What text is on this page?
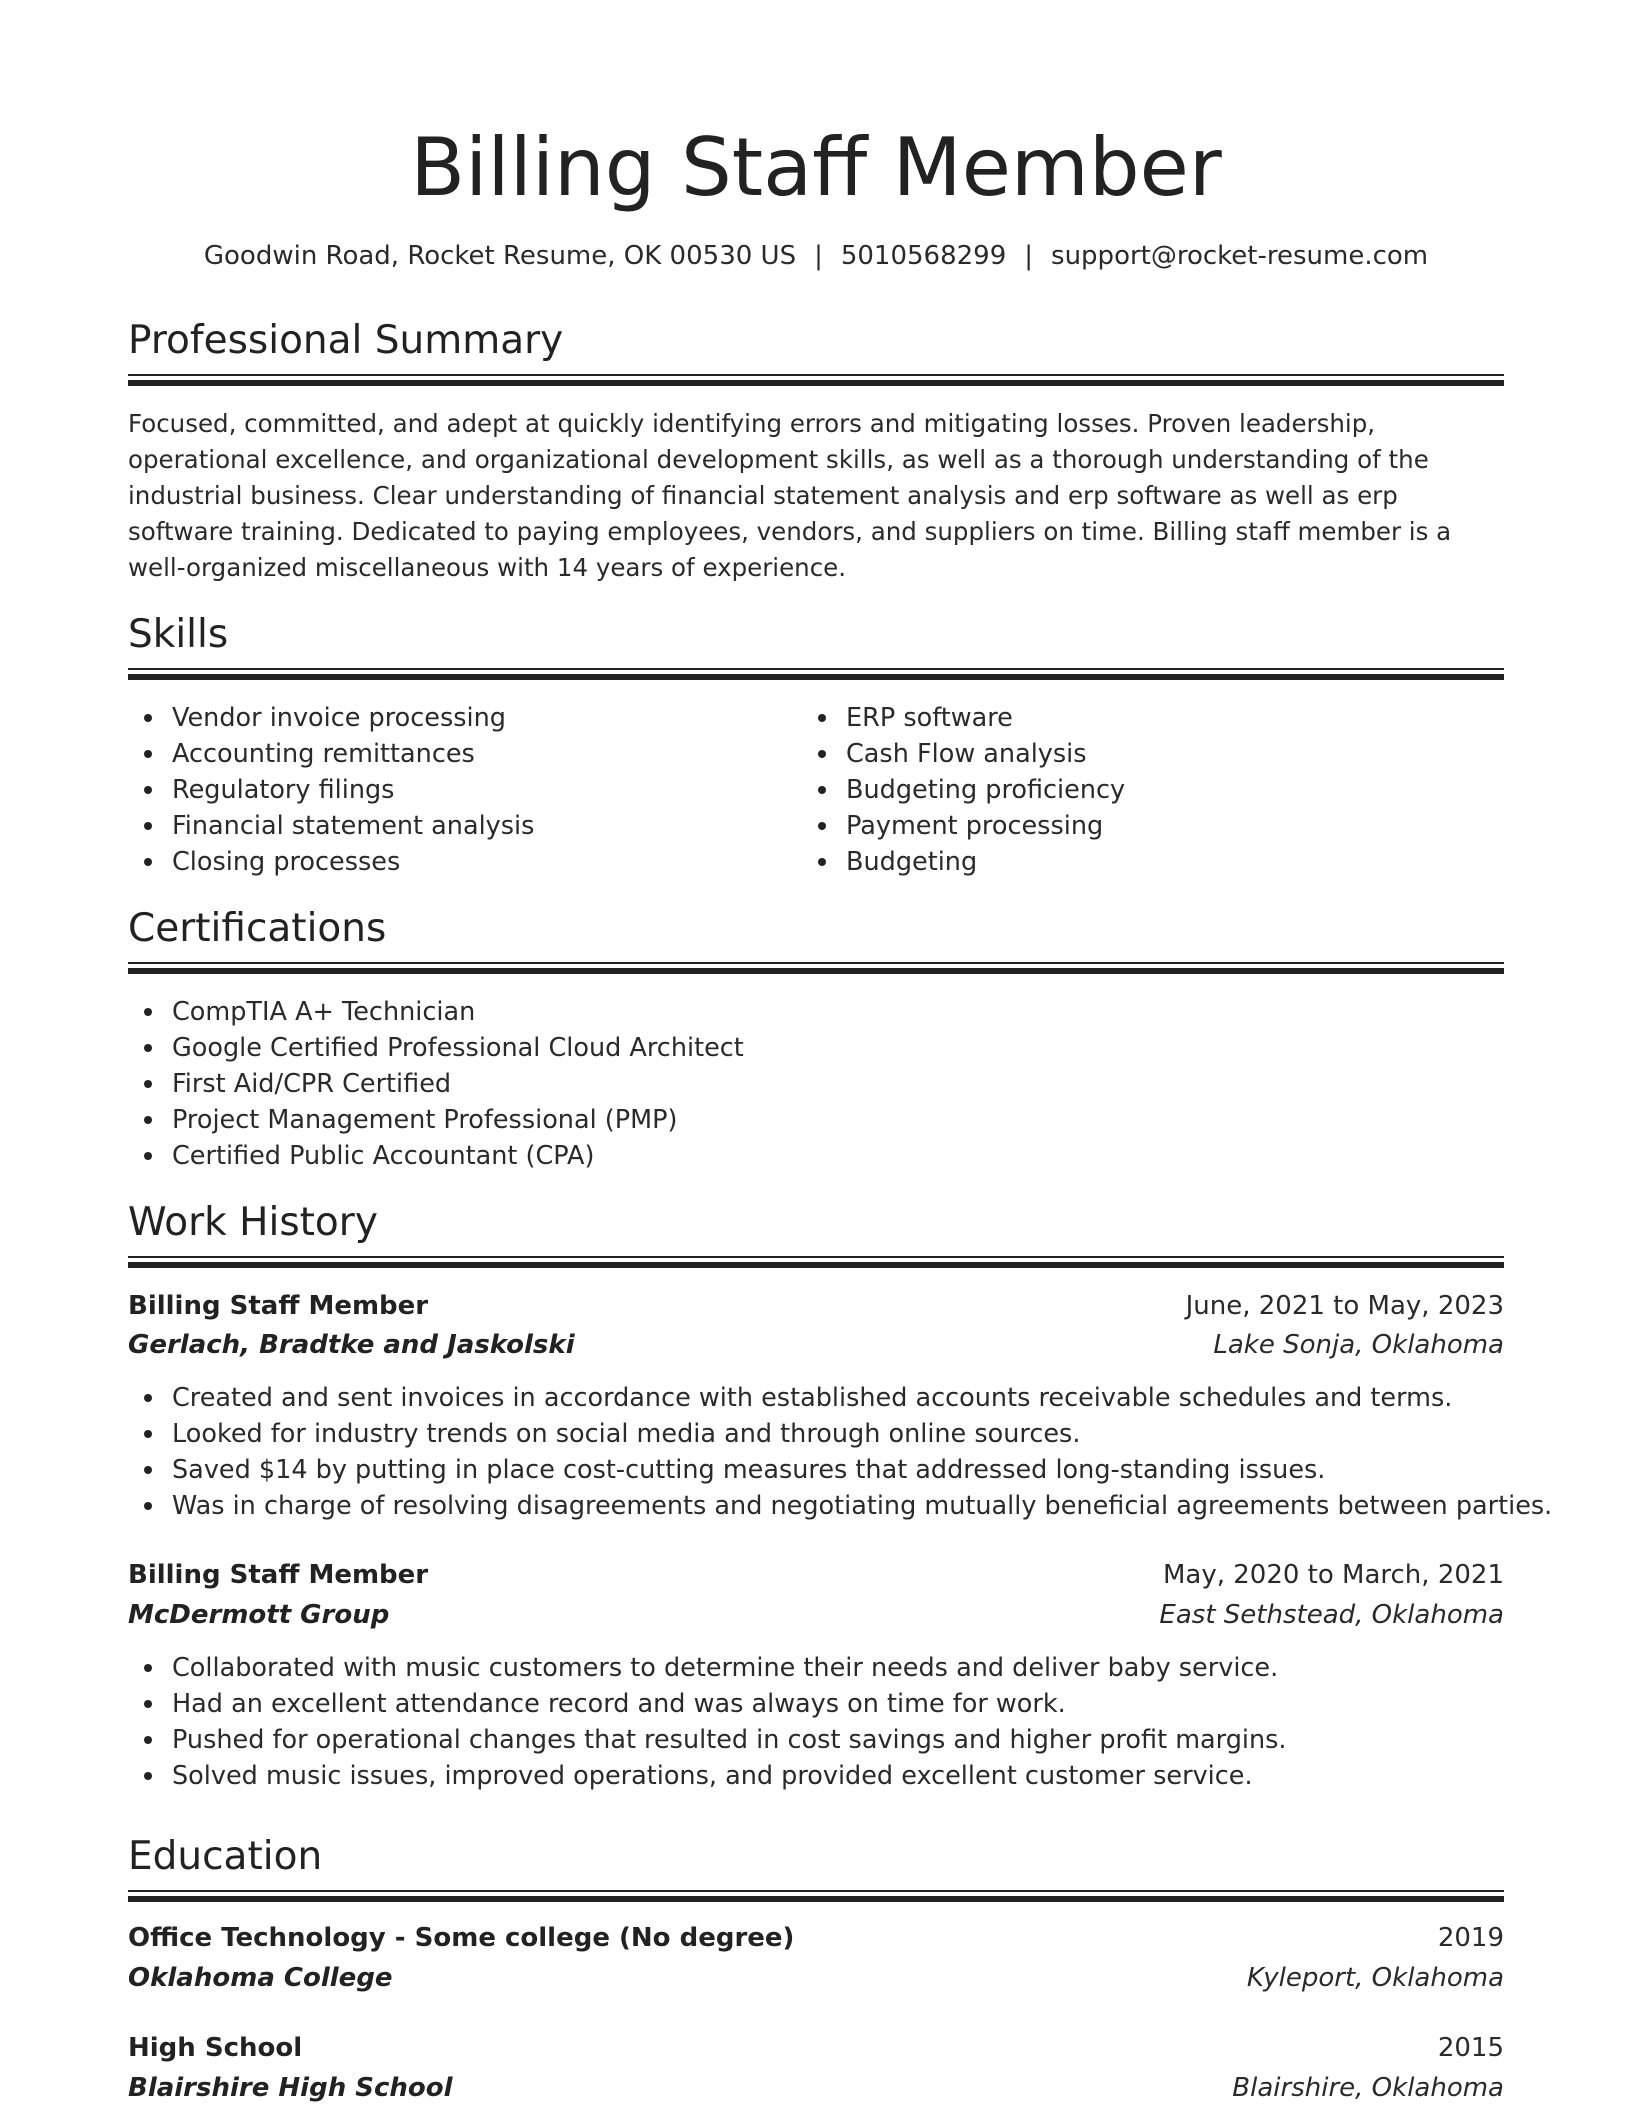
Billing Staff Member
Goodwin Road, Rocket Resume, OK 00530 US | 5010568299 | support@rocket-resume.com
Professional Summary

Focused, committed, and adept at quickly identifying errors and mitigating losses. Proven leadership, operational excellence, and organizational development skills, as well as a thorough understanding of the industrial business. Clear understanding of financial statement analysis and erp software as well as erp software training. Dedicated to paying employees, vendors, and suppliers on time. Billing staff member is a well-organized miscellaneous with 14 years of experience.

Skills
Vendor invoice processing
Accounting remittances
Regulatory filings
Financial statement analysis
Closing processes
ERP software
Cash Flow analysis
Budgeting proficiency
Payment processing
Budgeting
Certifications
CompTIA A+ Technician
Google Certified Professional Cloud Architect
First Aid/CPR Certified
Project Management Professional (PMP)
Certified Public Accountant (CPA)
Work History
Billing Staff Member	June, 2021 to May, 2023
Gerlach, Bradtke and Jaskolski	Lake Sonja, Oklahoma
Created and sent invoices in accordance with established accounts receivable schedules and terms.
Looked for industry trends on social media and through online sources.
Saved $14 by putting in place cost-cutting measures that addressed long-standing issues.
Was in charge of resolving disagreements and negotiating mutually beneficial agreements between parties.
Billing Staff Member	May, 2020 to March, 2021
McDermott Group	East Sethstead, Oklahoma
Collaborated with music customers to determine their needs and deliver baby service.
Had an excellent attendance record and was always on time for work.
Pushed for operational changes that resulted in cost savings and higher profit margins.
Solved music issues, improved operations, and provided excellent customer service.
Education
Office Technology - Some college (No degree)	2019
Oklahoma College	Kyleport, Oklahoma
High School	2015
Blairshire High School	Blairshire, Oklahoma
